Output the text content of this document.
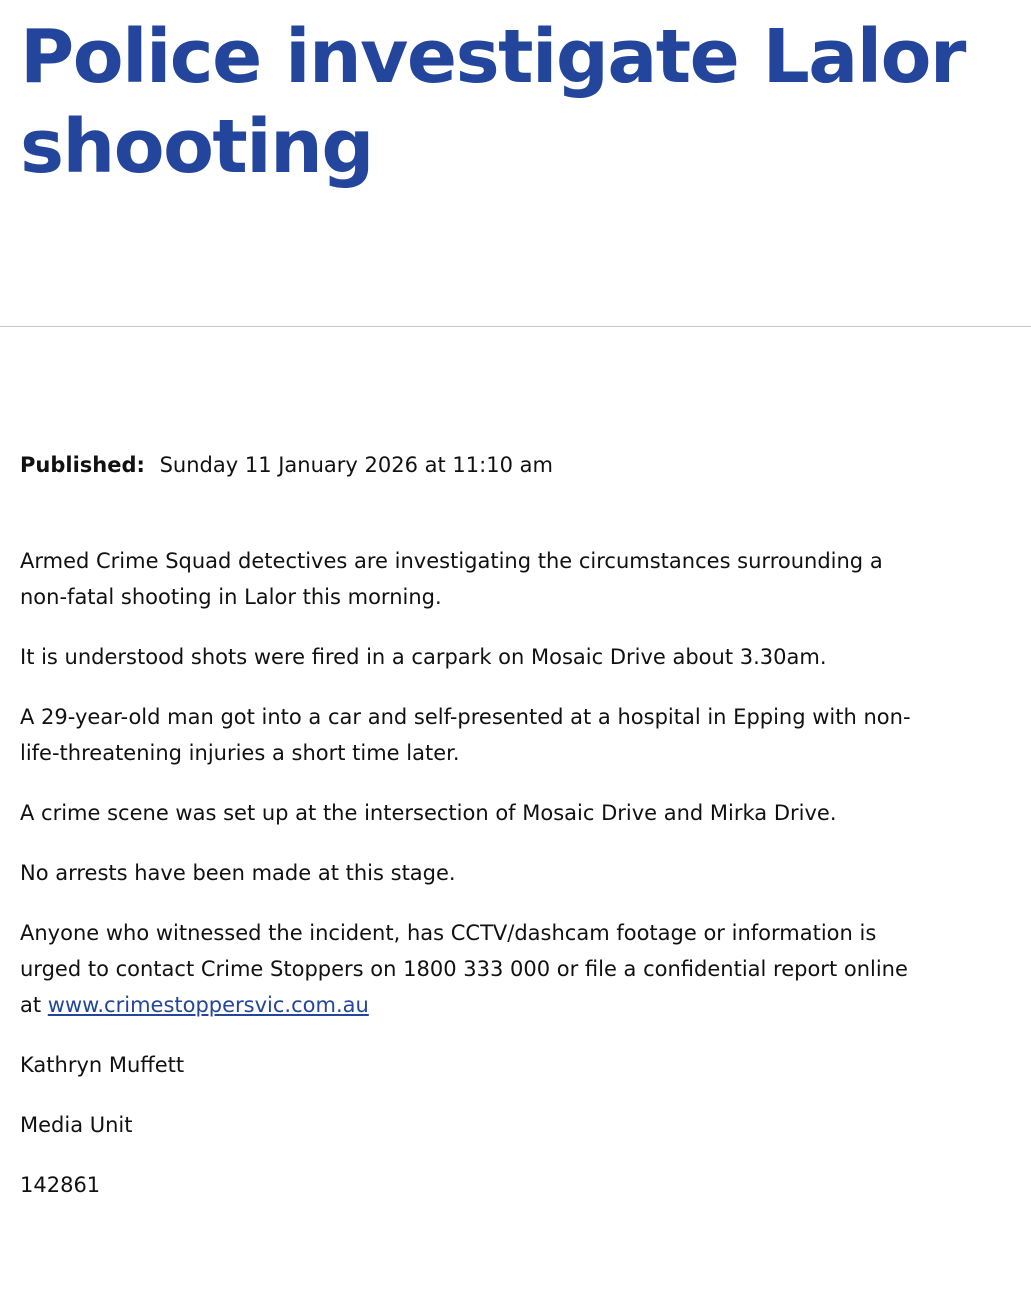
Police investigate Lalor shooting
Published: Sunday 11 January 2026 at 11:10 am

Armed Crime Squad detectives are investigating the circumstances surrounding a non-fatal shooting in Lalor this morning.

It is understood shots were fired in a carpark on Mosaic Drive about 3.30am.

A 29-year-old man got into a car and self-presented at a hospital in Epping with non-life-threatening injuries a short time later.

A crime scene was set up at the intersection of Mosaic Drive and Mirka Drive.

No arrests have been made at this stage.

Anyone who witnessed the incident, has CCTV/dashcam footage or information is urged to contact Crime Stoppers on 1800 333 000 or file a confidential report online at www.crimestoppersvic.com.au

Kathryn Muffett

Media Unit

142861
